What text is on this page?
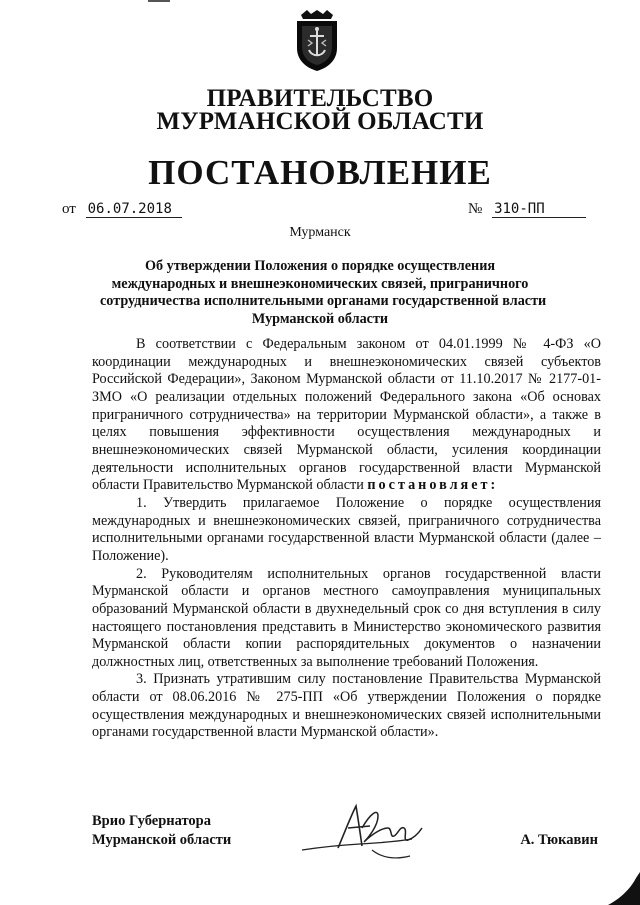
ПРАВИТЕЛЬСТВО
МУРМАНСКОЙ ОБЛАСТИ
ПОСТАНОВЛЕНИЕ
от 06.07.2018	№ 310-ПП
Мурманск
Об утверждении Положения о порядке осуществления
международных и внешнеэкономических связей, приграничного
сотрудничества исполнительными органами государственной власти
Мурманской области

В соответствии с Федеральным законом от 04.01.1999 № 4-ФЗ «О координации международных и внешнеэкономических связей субъектов Российской Федерации», Законом Мурманской области от 11.10.2017 № 2177-01-ЗМО «О реализации отдельных положений Федерального закона «Об основах приграничного сотрудничества» на территории Мурманской области», а также в целях повышения эффективности осуществления международных и внешнеэкономических связей Мурманской области, усиления координации деятельности исполнительных органов государственной власти Мурманской области Правительство Мурманской области постановляет:

1. Утвердить прилагаемое Положение о порядке осуществления международных и внешнеэкономических связей, приграничного сотрудничества исполнительными органами государственной власти Мурманской области (далее – Положение).

2. Руководителям исполнительных органов государственной власти Мурманской области и органов местного самоуправления муниципальных образований Мурманской области в двухнедельный срок со дня вступления в силу настоящего постановления представить в Министерство экономического развития Мурманской области копии распорядительных документов о назначении должностных лиц, ответственных за выполнение требований Положения.

3. Признать утратившим силу постановление Правительства Мурманской области от 08.06.2016 № 275-ПП «Об утверждении Положения о порядке осуществления международных и внешнеэкономических связей исполнительными органами государственной власти Мурманской области».

Врио Губернатора
Мурманской области	А. Тюкавин
